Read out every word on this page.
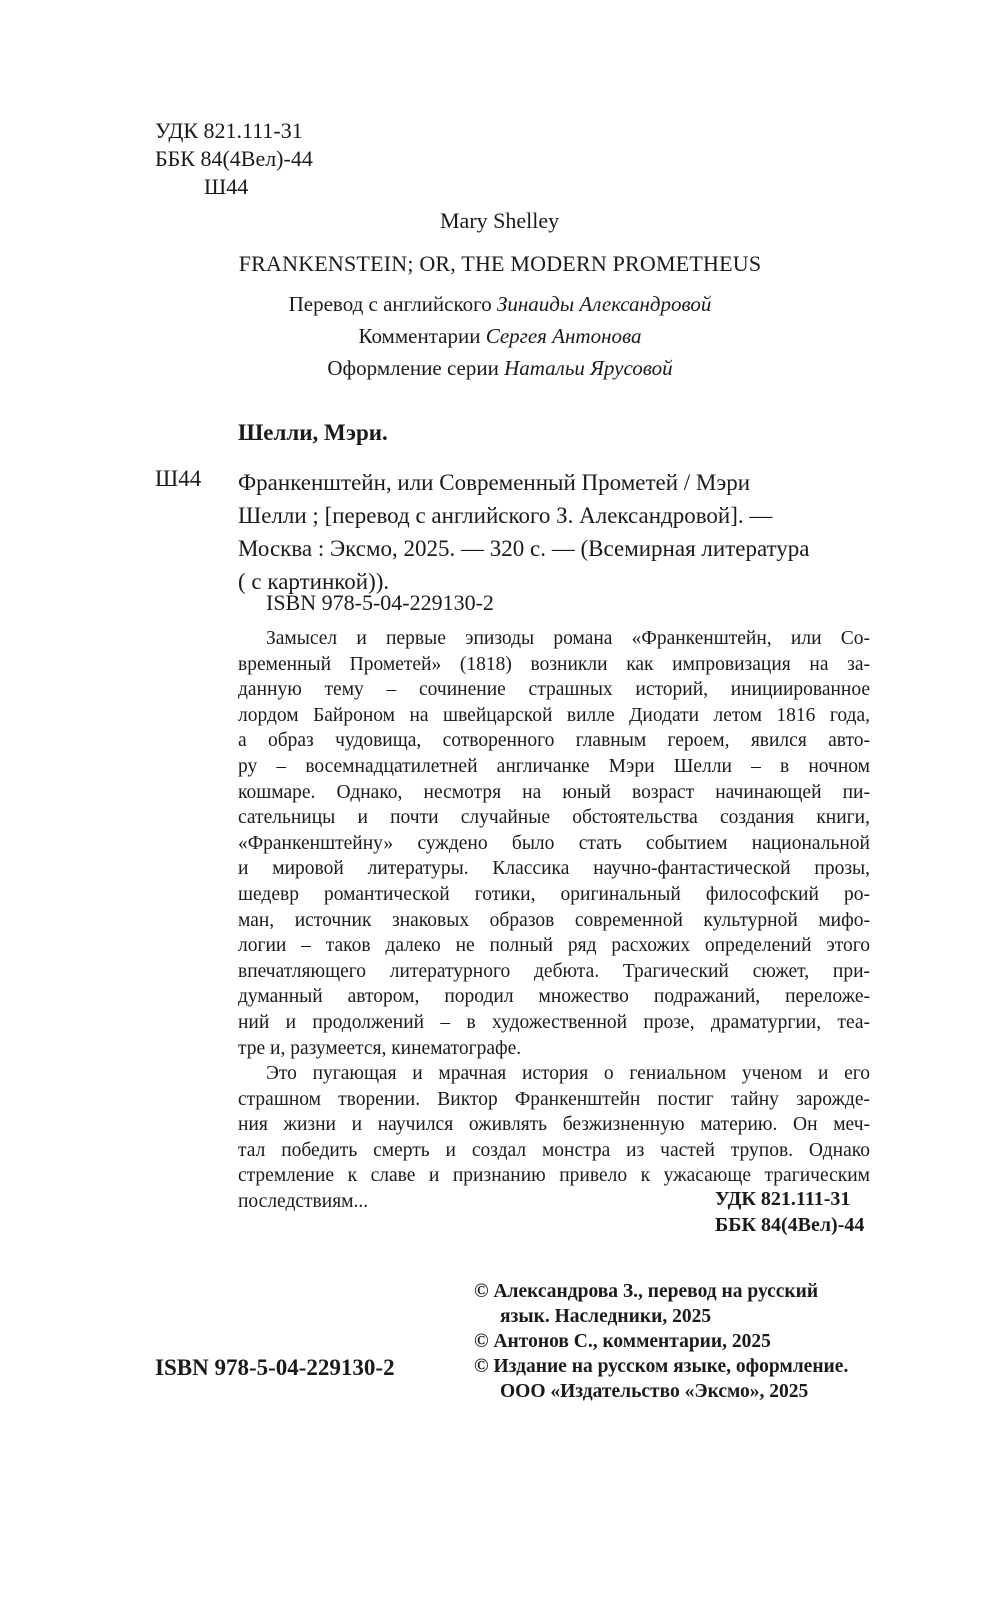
УДК 821.111-31
ББК 84(4Вел)-44
Ш44
Mary Shelley
FRANKENSTEIN; OR, THE MODERN PROMETHEUS
Перевод с английского Зинаиды Александровой
Комментарии Сергея Антонова
Оформление серии Натальи Ярусовой
Шелли, Мэри.
Ш44 Франкенштейн, или Современный Прометей / Мэри
Шелли ; [перевод с английского З. Александровой]. —
Москва : Эксмо, 2025. — 320 с. — (Всемирная литература
( с картинкой)).
ISBN 978-5-04-229130-2
Замысел и первые эпизоды романа «Франкенштейн, или Со-
временный Прометей» (1818) возникли как импровизация на за-
данную тему – сочинение страшных историй, инициированное
лордом Байроном на швейцарской вилле Диодати летом 1816 года,
а образ чудовища, сотворенного главным героем, явился авто-
ру – восемнадцатилетней англичанке Мэри Шелли – в ночном
кошмаре. Однако, несмотря на юный возраст начинающей пи-
сательницы и почти случайные обстоятельства создания книги,
«Франкенштейну» суждено было стать событием национальной
и мировой литературы. Классика научно-фантастической прозы,
шедевр романтической готики, оригинальный философский ро-
ман, источник знаковых образов современной культурной мифо-
логии – таков далеко не полный ряд расхожих определений этого
впечатляющего литературного дебюта. Трагический сюжет, при-
думанный автором, породил множество подражаний, переложе-
ний и продолжений – в художественной прозе, драматургии, теа-
тре и, разумеется, кинематографе.
Это пугающая и мрачная история о гениальном ученом и его
страшном творении. Виктор Франкенштейн постиг тайну зарожде-
ния жизни и научился оживлять безжизненную материю. Он меч-
тал победить смерть и создал монстра из частей трупов. Однако
стремление к славе и признанию привело к ужасающе трагическим
последствиям...	УДК 821.111-31
ББК 84(4Вел)-44
© Александрова З., перевод на русский
язык. Наследники, 2025
© Антонов С., комментарии, 2025
© Издание на русском языке, оформление.
ООО «Издательство «Эксмо», 2025
ISBN 978-5-04-229130-2
